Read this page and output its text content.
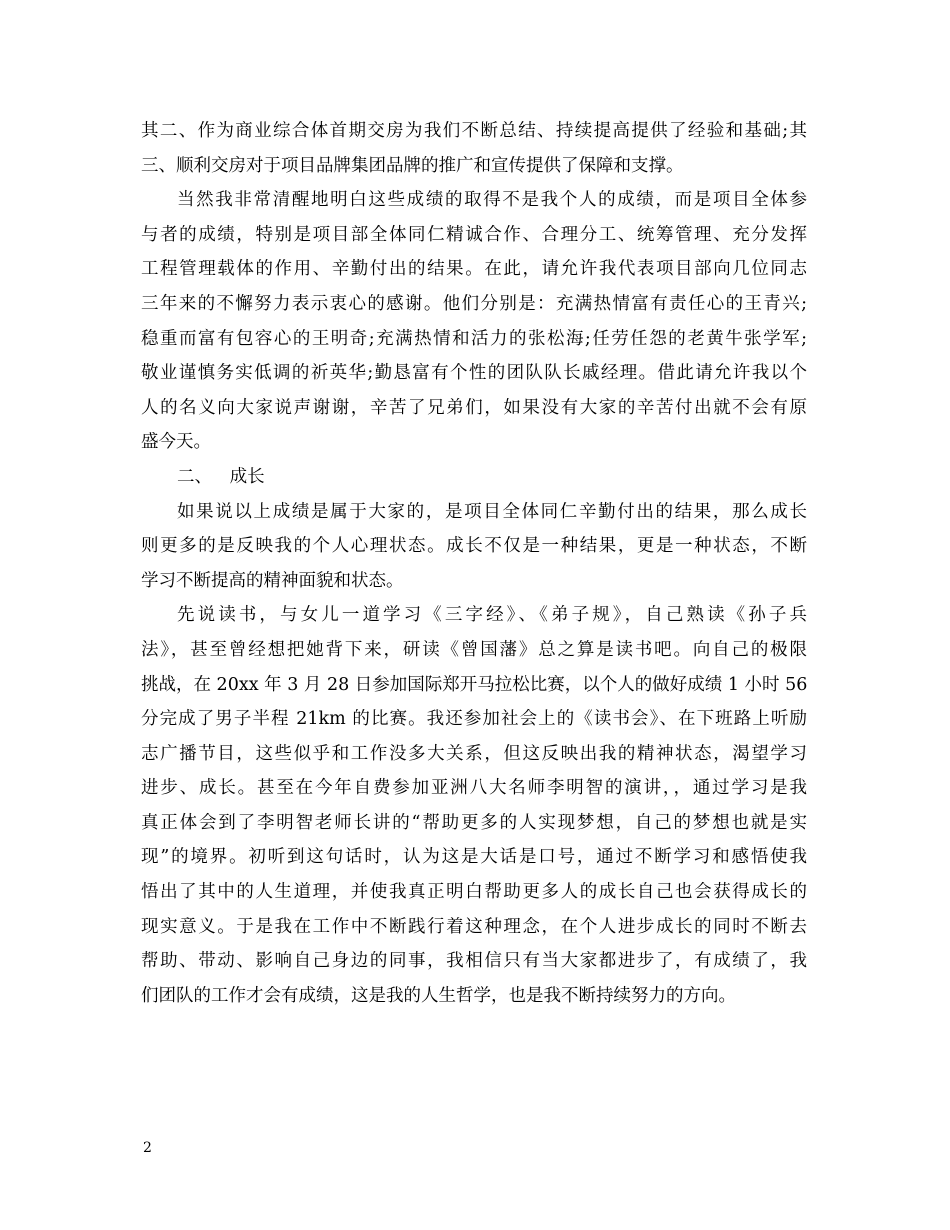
其二、作为商业综合体首期交房为我们不断总结、持续提高提供了经验和基础;其
三、顺利交房对于项目品牌集团品牌的推广和宣传提供了保障和支撑。
当然我非常清醒地明白这些成绩的取得不是我个人的成绩，而是项目全体参
与者的成绩，特别是项目部全体同仁精诚合作、合理分工、统筹管理、充分发挥
工程管理载体的作用、辛勤付出的结果。在此，请允许我代表项目部向几位同志
三年来的不懈努力表示衷心的感谢。他们分别是：充满热情富有责任心的王青兴;
稳重而富有包容心的王明奇;充满热情和活力的张松海;任劳任怨的老黄牛张学军;
敬业谨慎务实低调的祈英华;勤恳富有个性的团队队长戚经理。借此请允许我以个
人的名义向大家说声谢谢，辛苦了兄弟们，如果没有大家的辛苦付出就不会有原
盛今天。
二、 成长
如果说以上成绩是属于大家的，是项目全体同仁辛勤付出的结果，那么成长
则更多的是反映我的个人心理状态。成长不仅是一种结果，更是一种状态，不断
学习不断提高的精神面貌和状态。
先说读书，与女儿一道学习《三字经》、《弟子规》，自己熟读《孙子兵
法》，甚至曾经想把她背下来，研读《曾国藩》总之算是读书吧。向自己的极限
挑战，在 20xx 年 3 月 28 日参加国际郑开马拉松比赛，以个人的做好成绩 1 小时 56
分完成了男子半程 21km 的比赛。我还参加社会上的《读书会》、在下班路上听励
志广播节目，这些似乎和工作没多大关系，但这反映出我的精神状态，渴望学习
进步、成长。甚至在今年自费参加亚洲八大名师李明智的演讲，，通过学习是我
真正体会到了李明智老师长讲的“帮助更多的人实现梦想，自己的梦想也就是实
现”的境界。初听到这句话时，认为这是大话是口号，通过不断学习和感悟使我
悟出了其中的人生道理，并使我真正明白帮助更多人的成长自己也会获得成长的
现实意义。于是我在工作中不断践行着这种理念，在个人进步成长的同时不断去
帮助、带动、影响自己身边的同事，我相信只有当大家都进步了，有成绩了，我
们团队的工作才会有成绩，这是我的人生哲学，也是我不断持续努力的方向。
2
